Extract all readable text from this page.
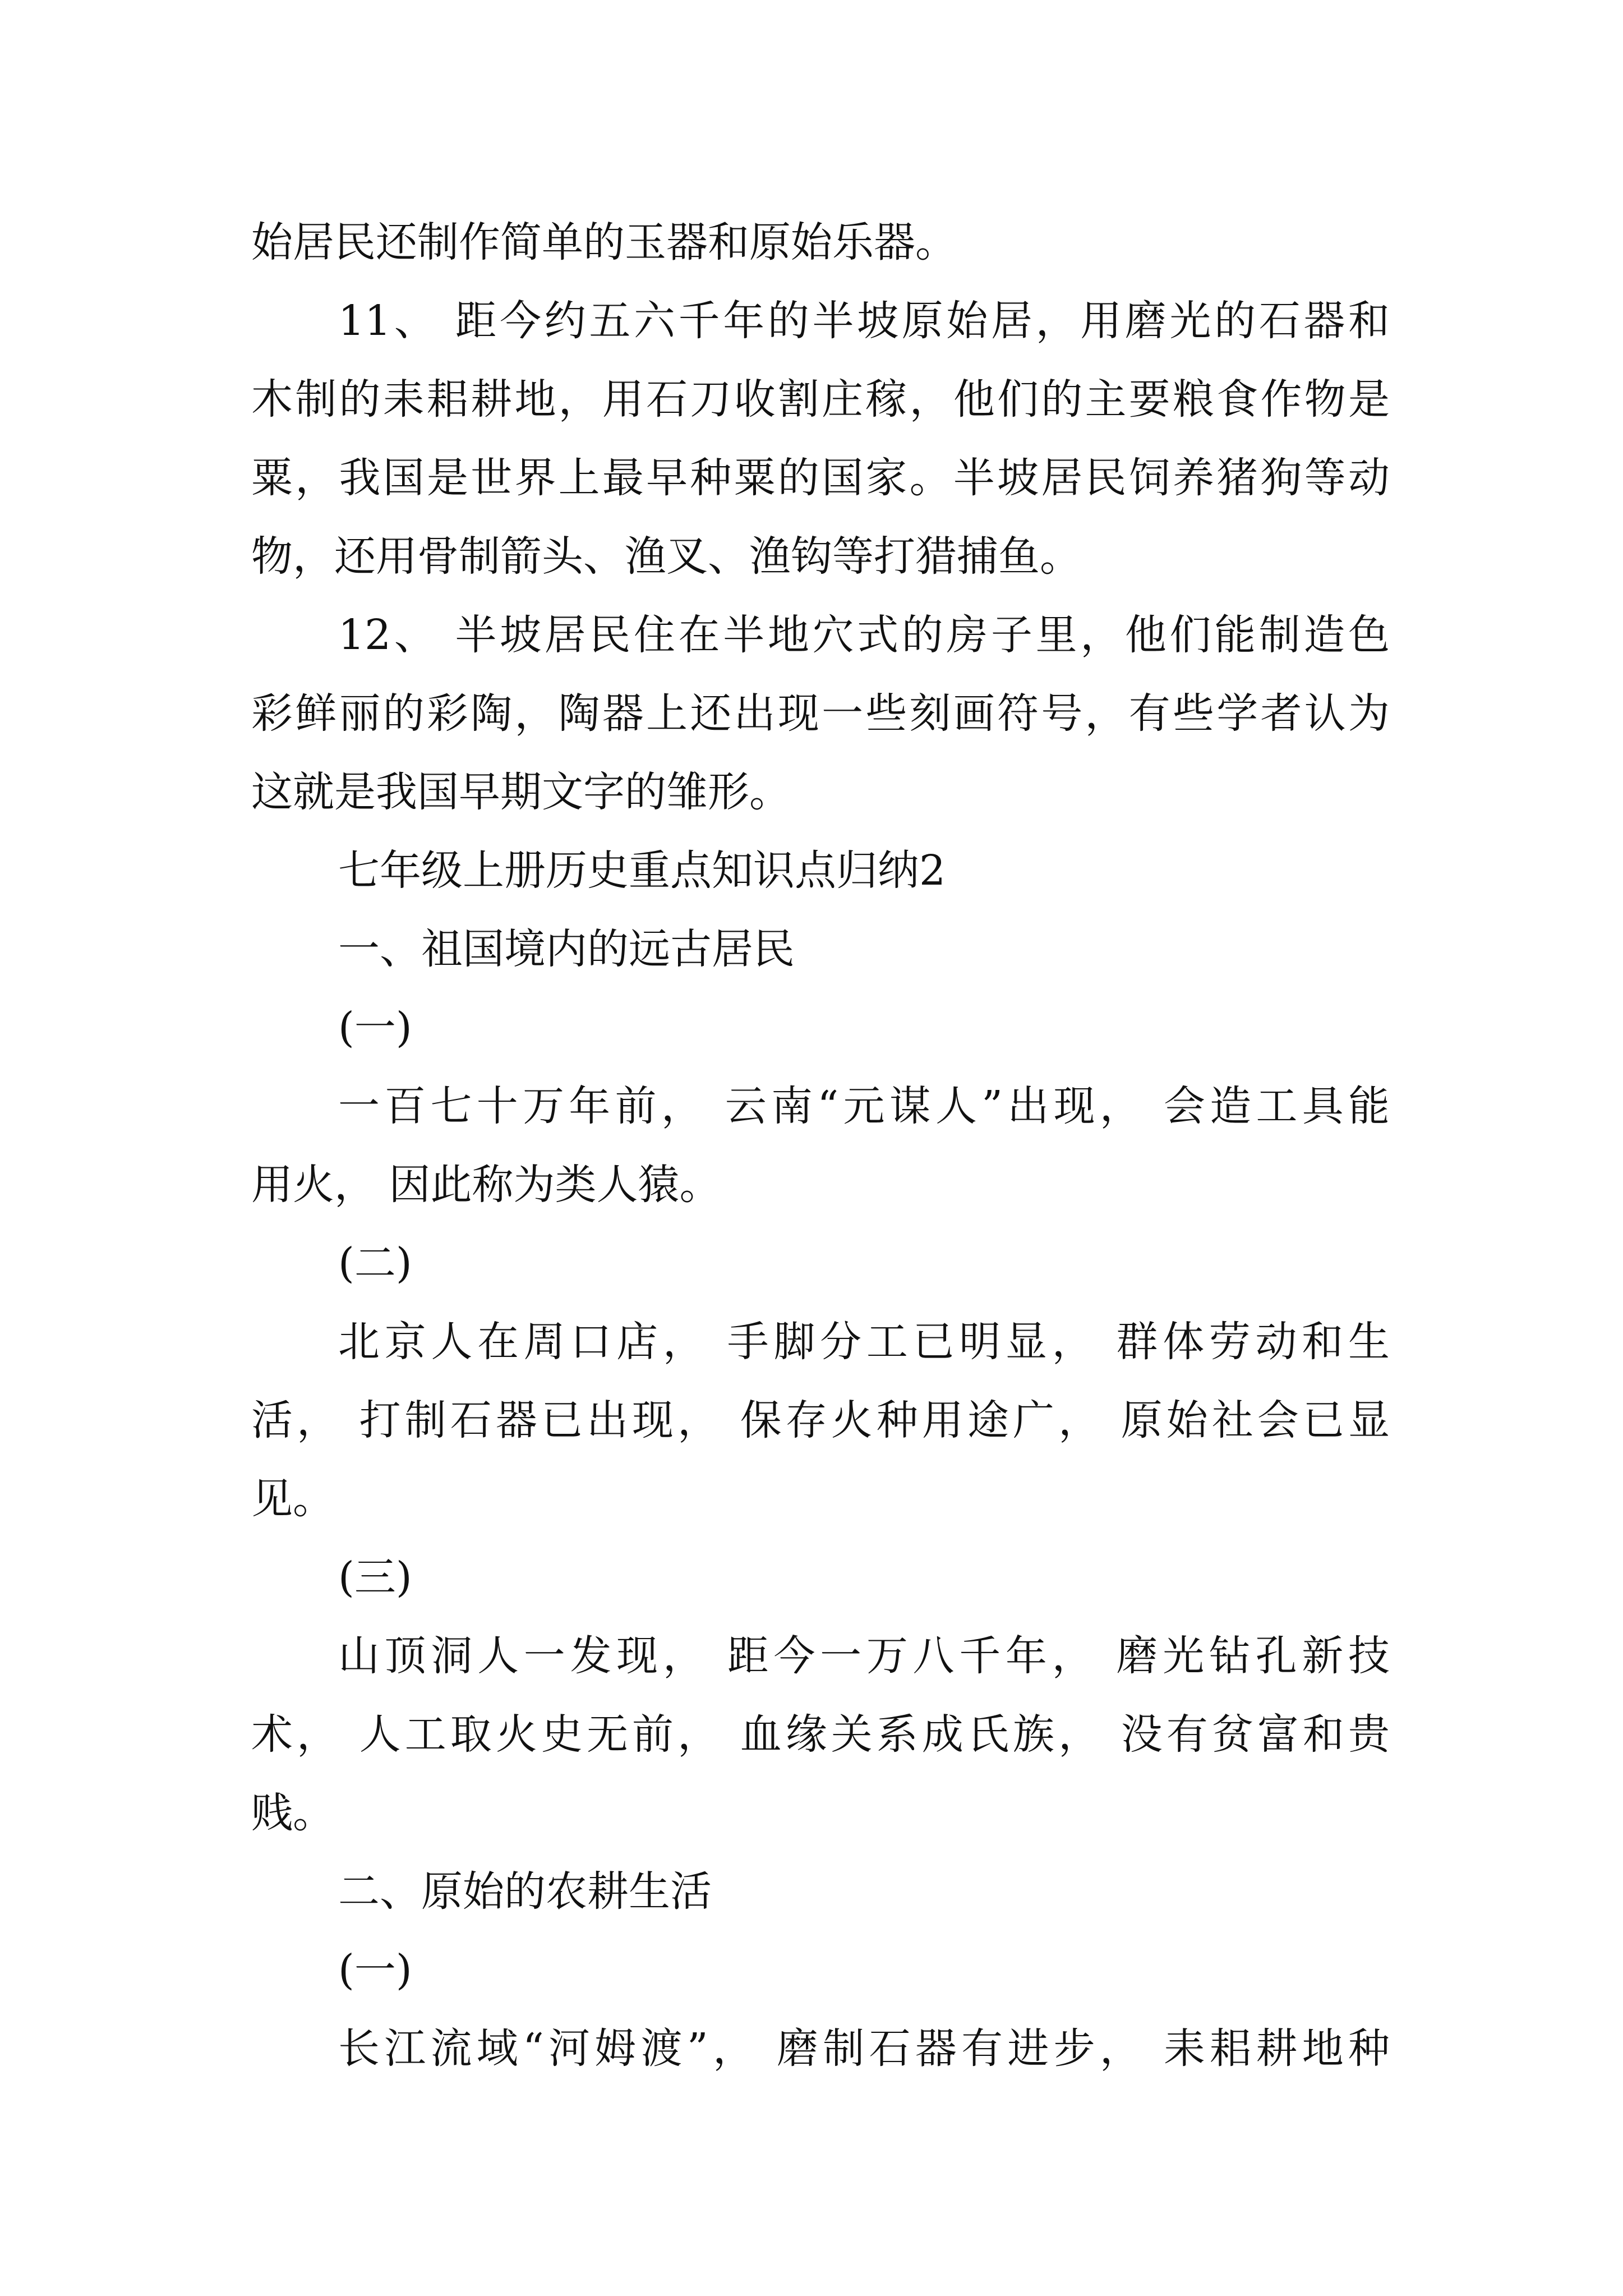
始居民还制作简单的玉器和原始乐器。
11、 距今约五六千年的半坡原始居，用磨光的石器和
木制的耒耜耕地，用石刀收割庄稼，他们的主要粮食作物是
粟，我国是世界上最早种粟的国家。半坡居民饲养猪狗等动
物，还用骨制箭头、渔叉、渔钩等打猎捕鱼。
12、 半坡居民住在半地穴式的房子里，他们能制造色
彩鲜丽的彩陶，陶器上还出现一些刻画符号，有些学者认为
这就是我国早期文字的雏形。
七年级上册历史重点知识点归纳2
一、祖国境内的远古居民
(一)
一百七十万年前， 云南“元谋人”出现， 会造工具能
用火， 因此称为类人猿。
(二)
北京人在周口店， 手脚分工已明显， 群体劳动和生
活， 打制石器已出现， 保存火种用途广， 原始社会已显
见。
(三)
山顶洞人一发现， 距今一万八千年， 磨光钻孔新技
术， 人工取火史无前， 血缘关系成氏族， 没有贫富和贵
贱。
二、原始的农耕生活
(一)
长江流域“河姆渡”， 磨制石器有进步， 耒耜耕地种
